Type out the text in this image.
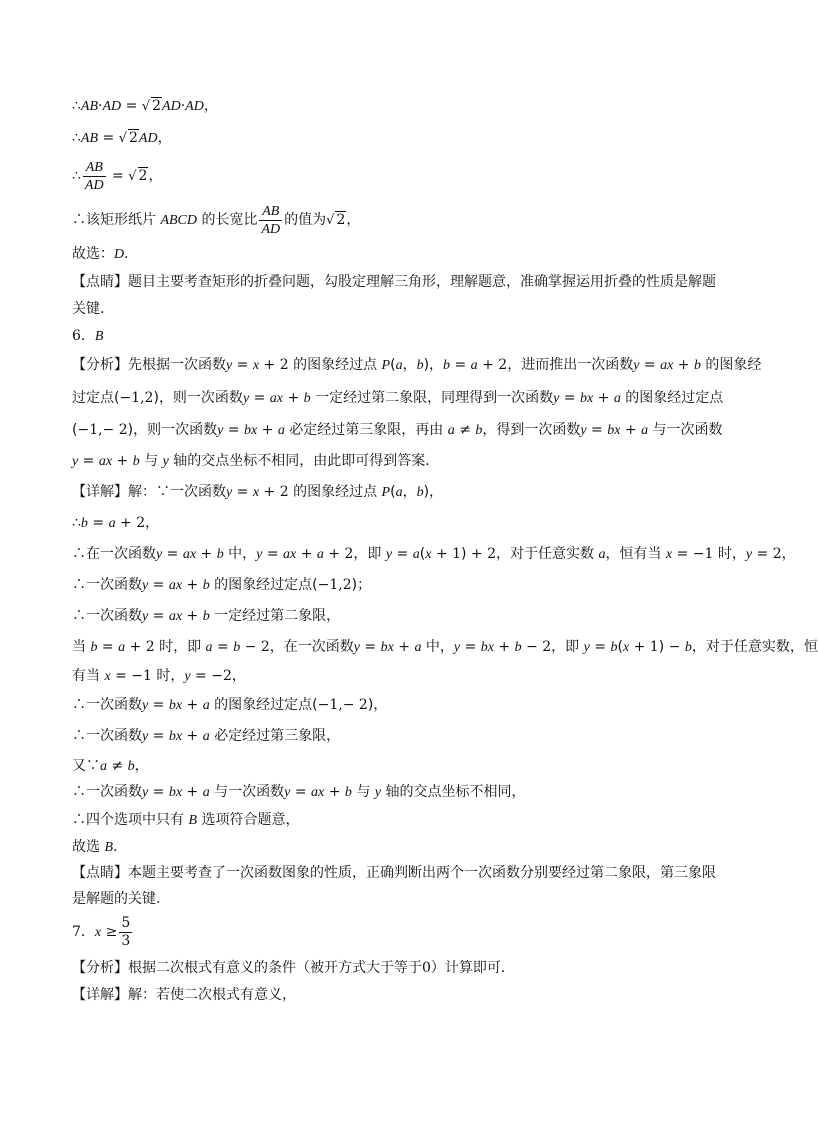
∴AB·AD = √ 2AD·AD，
∴AB = √ 2AD，
∴ $\frac{AB}{AD}$ = √ 2，
∴该矩形纸片 ABCD 的长宽比 $\frac{AB}{AD}$ 的值为√ 2，
故选：D．
【点睛】题目主要考查矩形的折叠问题，勾股定理解三角形，理解题意，准确掌握运用折叠的性质是解题
关键．
6．B
【分析】先根据一次函数y = x + 2 的图象经过点 P(a，b)，b = a + 2，进而推出一次函数y = ax + b 的图象经
过定点(−1,2)，则一次函数y = ax + b 一定经过第二象限，同理得到一次函数y = bx + a 的图象经过定点
(−1,− 2)，则一次函数y = bx + a 必定经过第三象限，再由 a ≠ b，得到一次函数y = bx + a 与一次函数
y = ax + b 与 y 轴的交点坐标不相同，由此即可得到答案．
【详解】解：∵一次函数y = x + 2 的图象经过点 P(a，b)，
∴b = a + 2，
∴在一次函数y = ax + b 中，y = ax + a + 2，即 y = a(x + 1) + 2，对于任意实数 a，恒有当 x = −1 时，y = 2，
∴一次函数y = ax + b 的图象经过定点(−1,2)；
∴一次函数y = ax + b 一定经过第二象限，
当 b = a + 2 时，即 a = b − 2，在一次函数y = bx + a 中，y = bx + b − 2，即 y = b(x + 1) − b，对于任意实数，恒
有当 x = −1 时，y = −2，
∴一次函数y = bx + a 的图象经过定点(−1,− 2)，
∴一次函数y = bx + a 必定经过第三象限，
又∵a ≠ b，
∴一次函数y = bx + a 与一次函数y = ax + b 与 y 轴的交点坐标不相同，
∴四个选项中只有 B 选项符合题意，
故选 B．
【点睛】本题主要考查了一次函数图象的性质，正确判断出两个一次函数分别要经过第二象限，第三象限
是解题的关键．
7．$x \ge \frac{5}{3}$
【分析】根据二次根式有意义的条件（被开方式大于等于0）计算即可．
【详解】解：若使二次根式有意义，
